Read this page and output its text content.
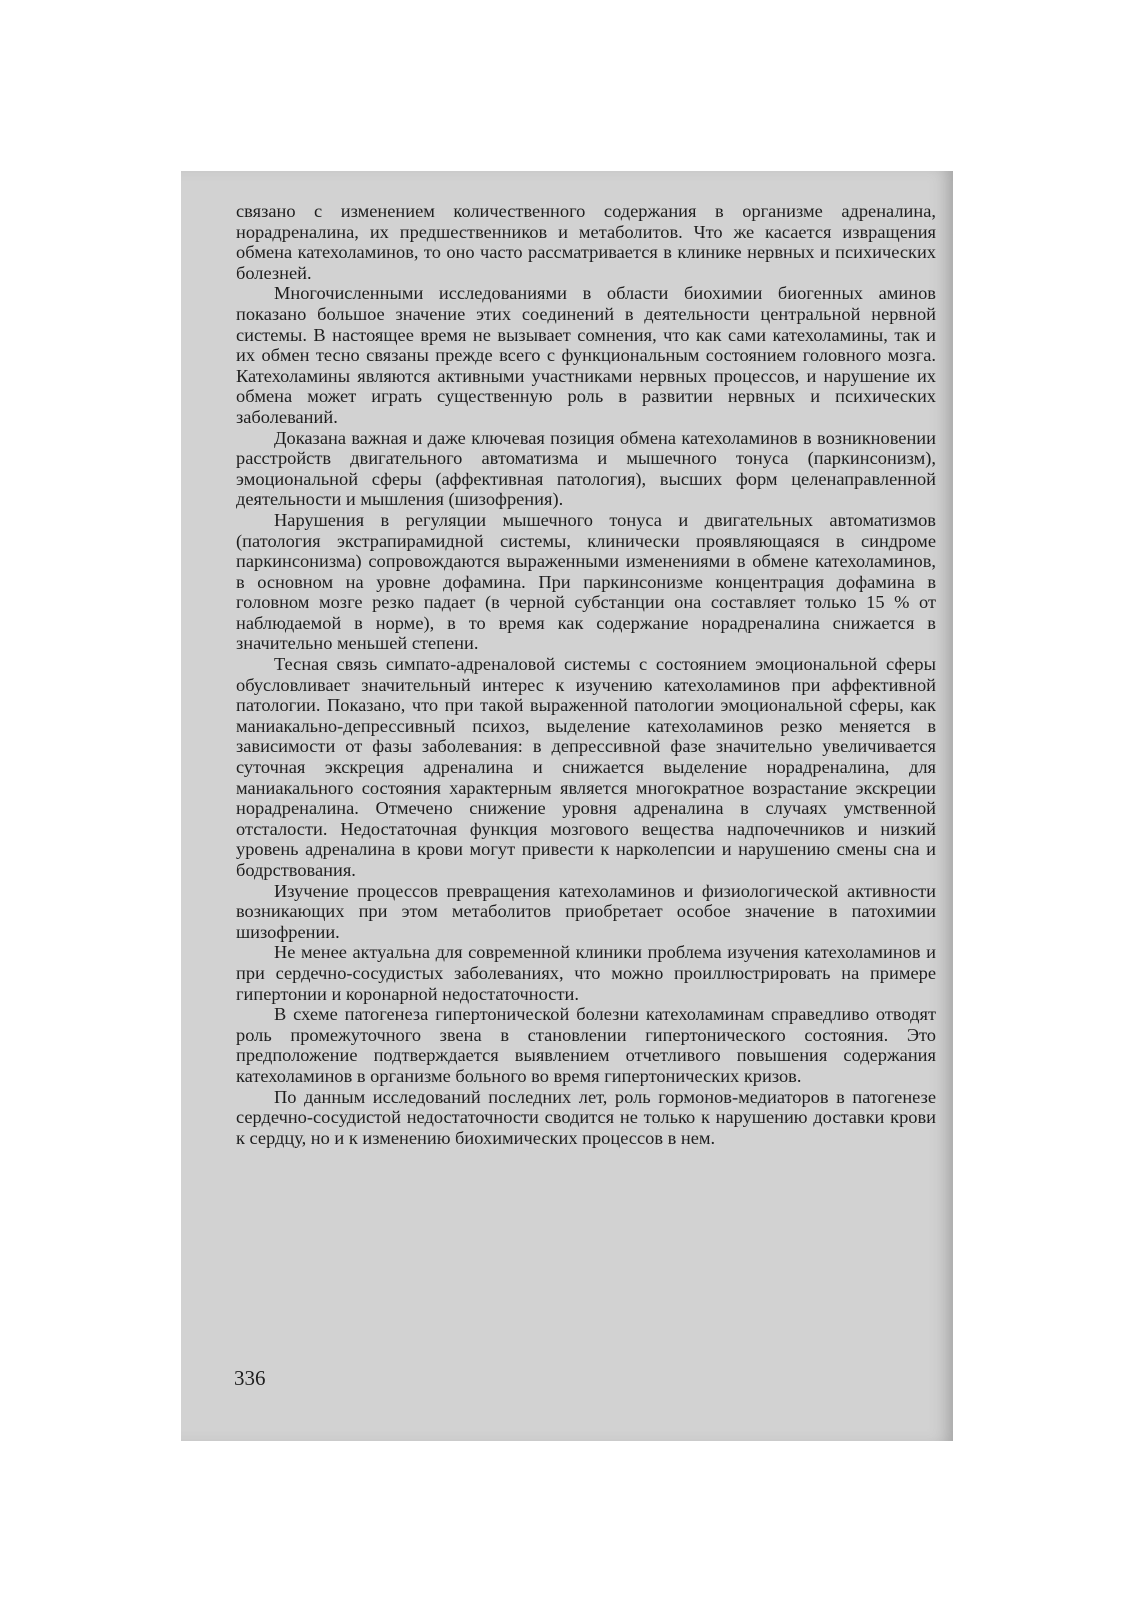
связано с изменением количественного содержания в организме адреналина, норадреналина, их предшественников и метаболитов. Что же касается извращения обмена катехоламинов, то оно часто рассматривается в клинике нервных и психических болезней.

Многочисленными исследованиями в области биохимии биогенных аминов показано большое значение этих соединений в деятельности центральной нервной системы. В настоящее время не вызывает сомнения, что как сами катехоламины, так и их обмен тесно связаны прежде всего с функциональным состоянием головного мозга. Катехоламины являются активными участниками нервных процессов, и нарушение их обмена может играть существенную роль в развитии нервных и психических заболеваний.

Доказана важная и даже ключевая позиция обмена катехоламинов в возникновении расстройств двигательного автоматизма и мышечного тонуса (паркинсонизм), эмоциональной сферы (аффективная патология), высших форм целенаправленной деятельности и мышления (шизофрения).

Нарушения в регуляции мышечного тонуса и двигательных автоматизмов (патология экстрапирамидной системы, клинически проявляющаяся в синдроме паркинсонизма) сопровождаются выраженными изменениями в обмене катехоламинов, в основном на уровне дофамина. При паркинсонизме концентрация дофамина в головном мозге резко падает (в черной субстанции она составляет только 15 % от наблюдаемой в норме), в то время как содержание норадреналина снижается в значительно меньшей степени.

Тесная связь симпато-адреналовой системы с состоянием эмоциональной сферы обусловливает значительный интерес к изучению катехоламинов при аффективной патологии. Показано, что при такой выраженной патологии эмоциональной сферы, как маниакально-депрессивный психоз, выделение катехоламинов резко меняется в зависимости от фазы заболевания: в депрессивной фазе значительно увеличивается суточная экскреция адреналина и снижается выделение норадреналина, для маниакального состояния характерным является многократное возрастание экскреции норадреналина. Отмечено снижение уровня адреналина в случаях умственной отсталости. Недостаточная функция мозгового вещества надпочечников и низкий уровень адреналина в крови могут привести к нарколепсии и нарушению смены сна и бодрствования.

Изучение процессов превращения катехоламинов и физиологической активности возникающих при этом метаболитов приобретает особое значение в патохимии шизофрении.

Не менее актуальна для современной клиники проблема изучения катехоламинов и при сердечно-сосудистых заболеваниях, что можно проиллюстрировать на примере гипертонии и коронарной недостаточности.

В схеме патогенеза гипертонической болезни катехоламинам справедливо отводят роль промежуточного звена в становлении гипертонического состояния. Это предположение подтверждается выявлением отчетливого повышения содержания катехоламинов в организме больного во время гипертонических кризов.

По данным исследований последних лет, роль гормонов-медиаторов в патогенезе сердечно-сосудистой недостаточности сводится не только к нарушению доставки крови к сердцу, но и к изменению биохимических процессов в нем.

336
